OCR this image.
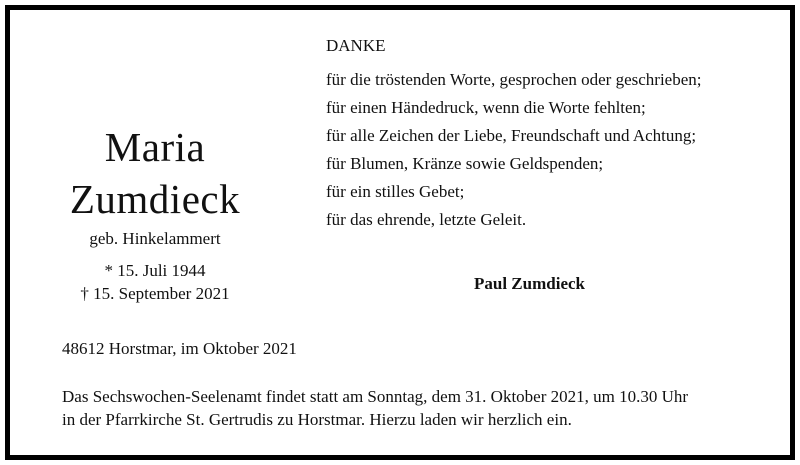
Maria
Zumdieck
geb. Hinkelammert
* 15. Juli 1944
† 15. September 2021
DANKE
für die tröstenden Worte, gesprochen oder geschrieben;
für einen Händedruck, wenn die Worte fehlten;
für alle Zeichen der Liebe, Freundschaft und Achtung;
für Blumen, Kränze sowie Geldspenden;
für ein stilles Gebet;
für das ehrende, letzte Geleit.
Paul Zumdieck
48612 Horstmar, im Oktober 2021
Das Sechswochen-Seelenamt findet statt am Sonntag, dem 31. Oktober 2021, um 10.30 Uhr
in der Pfarrkirche St. Gertrudis zu Horstmar. Hierzu laden wir herzlich ein.
